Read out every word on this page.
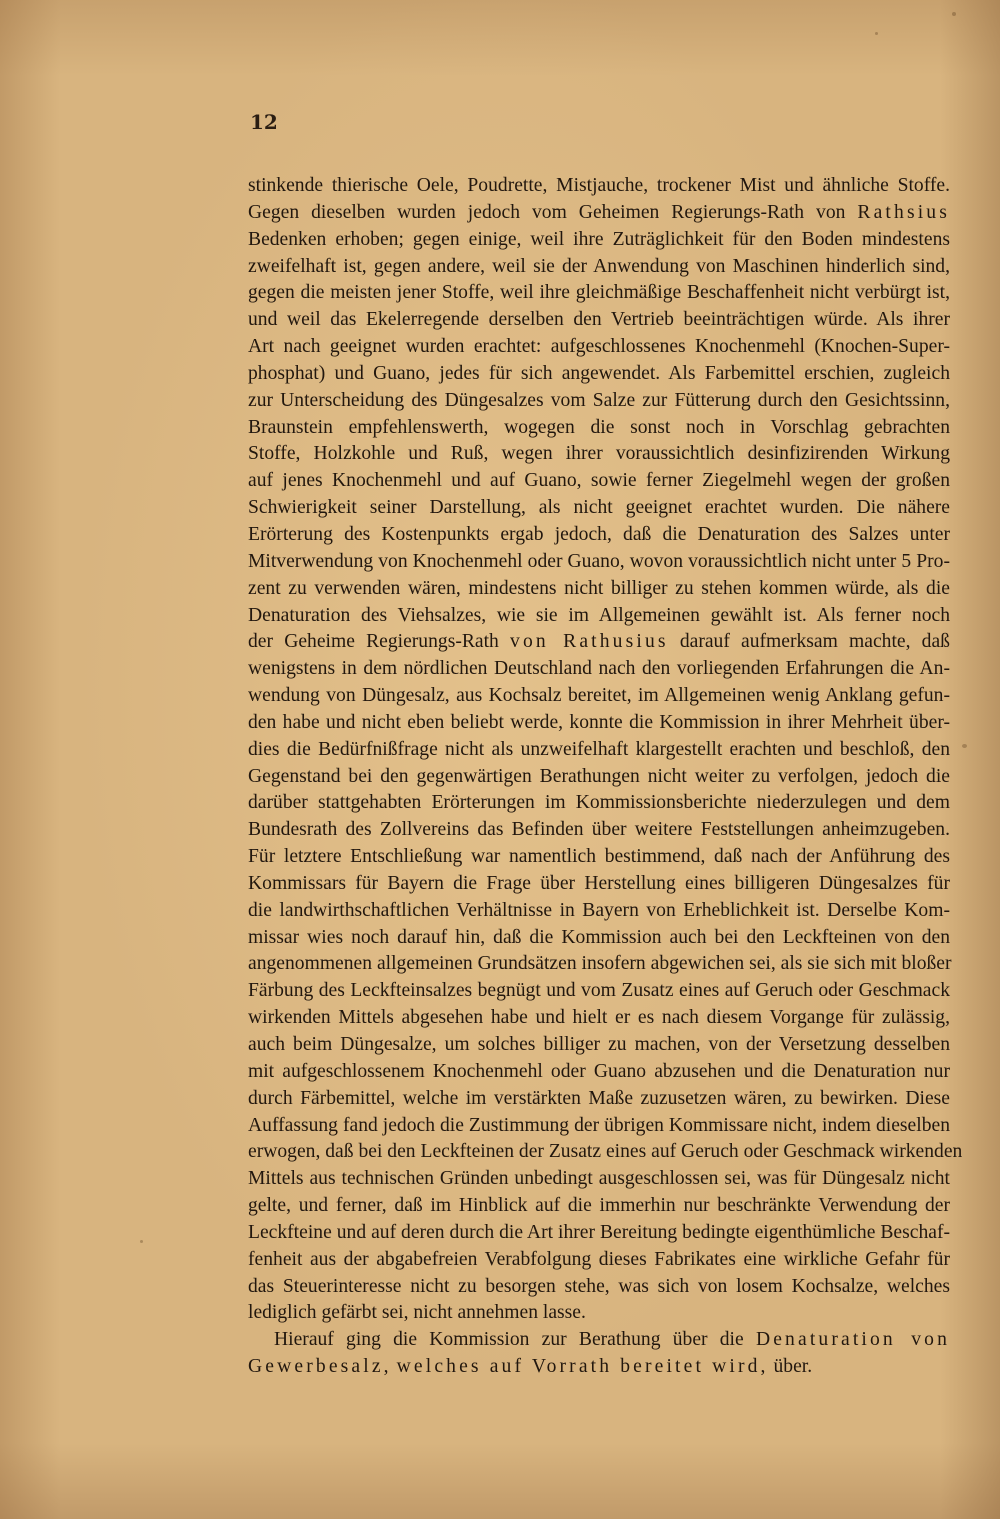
12
stinkende thierische Oele, Poudrette, Mistjauche, trockener Mist und ähnliche Stoffe.
Gegen dieselben wurden jedoch vom Geheimen Regierungs-Rath von Rathsius
Bedenken erhoben; gegen einige, weil ihre Zuträglichkeit für den Boden mindestens
zweifelhaft ist, gegen andere, weil sie der Anwendung von Maschinen hinderlich sind,
gegen die meisten jener Stoffe, weil ihre gleichmäßige Beschaffenheit nicht verbürgt ist,
und weil das Ekelerregende derselben den Vertrieb beeinträchtigen würde. Als ihrer
Art nach geeignet wurden erachtet: aufgeschlossenes Knochenmehl (Knochen-Super-
phosphat) und Guano, jedes für sich angewendet. Als Farbemittel erschien, zugleich
zur Unterscheidung des Düngesalzes vom Salze zur Fütterung durch den Gesichtssinn,
Braunstein empfehlenswerth, wogegen die sonst noch in Vorschlag gebrachten
Stoffe, Holzkohle und Ruß, wegen ihrer voraussichtlich desinfizirenden Wirkung
auf jenes Knochenmehl und auf Guano, sowie ferner Ziegelmehl wegen der großen
Schwierigkeit seiner Darstellung, als nicht geeignet erachtet wurden. Die nähere
Erörterung des Kostenpunkts ergab jedoch, daß die Denaturation des Salzes unter
Mitverwendung von Knochenmehl oder Guano, wovon voraussichtlich nicht unter 5 Pro-
zent zu verwenden wären, mindestens nicht billiger zu stehen kommen würde, als die
Denaturation des Viehsalzes, wie sie im Allgemeinen gewählt ist. Als ferner noch
der Geheime Regierungs-Rath von Rathusius darauf aufmerksam machte, daß
wenigstens in dem nördlichen Deutschland nach den vorliegenden Erfahrungen die An-
wendung von Düngesalz, aus Kochsalz bereitet, im Allgemeinen wenig Anklang gefun-
den habe und nicht eben beliebt werde, konnte die Kommission in ihrer Mehrheit über-
dies die Bedürfnißfrage nicht als unzweifelhaft klargestellt erachten und beschloß, den
Gegenstand bei den gegenwärtigen Berathungen nicht weiter zu verfolgen, jedoch die
darüber stattgehabten Erörterungen im Kommissionsberichte niederzulegen und dem
Bundesrath des Zollvereins das Befinden über weitere Feststellungen anheimzugeben.
Für letztere Entschließung war namentlich bestimmend, daß nach der Anführung des
Kommissars für Bayern die Frage über Herstellung eines billigeren Düngesalzes für
die landwirthschaftlichen Verhältnisse in Bayern von Erheblichkeit ist. Derselbe Kom-
missar wies noch darauf hin, daß die Kommission auch bei den Leckfteinen von den
angenommenen allgemeinen Grundsätzen insofern abgewichen sei, als sie sich mit bloßer
Färbung des Leckfteinsalzes begnügt und vom Zusatz eines auf Geruch oder Geschmack
wirkenden Mittels abgesehen habe und hielt er es nach diesem Vorgange für zulässig,
auch beim Düngesalze, um solches billiger zu machen, von der Versetzung desselben
mit aufgeschlossenem Knochenmehl oder Guano abzusehen und die Denaturation nur
durch Färbemittel, welche im verstärkten Maße zuzusetzen wären, zu bewirken. Diese
Auffassung fand jedoch die Zustimmung der übrigen Kommissare nicht, indem dieselben
erwogen, daß bei den Leckfteinen der Zusatz eines auf Geruch oder Geschmack wirkenden
Mittels aus technischen Gründen unbedingt ausgeschlossen sei, was für Düngesalz nicht
gelte, und ferner, daß im Hinblick auf die immerhin nur beschränkte Verwendung der
Leckfteine und auf deren durch die Art ihrer Bereitung bedingte eigenthümliche Beschaf-
fenheit aus der abgabefreien Verabfolgung dieses Fabrikates eine wirkliche Gefahr für
das Steuerinteresse nicht zu besorgen stehe, was sich von losem Kochsalze, welches
lediglich gefärbt sei, nicht annehmen lasse.
Hierauf ging die Kommission zur Berathung über die Denaturation von
Gewerbesalz, welches auf Vorrath bereitet wird, über.
